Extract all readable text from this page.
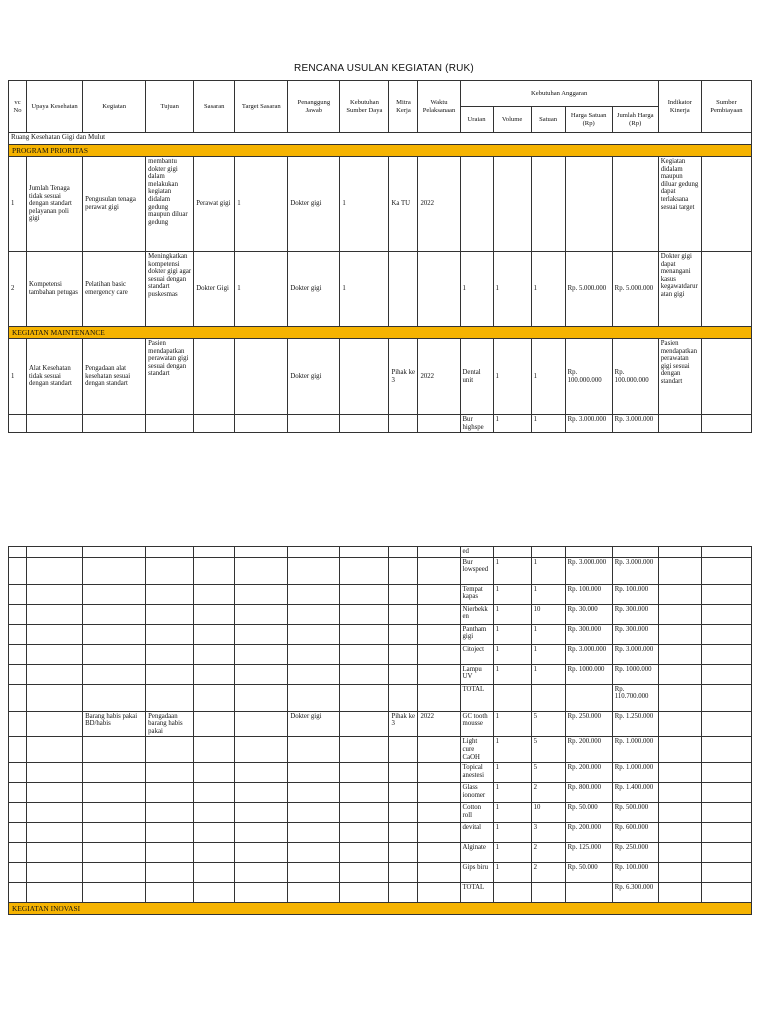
RENCANA USULAN KEGIATAN (RUK)
vc No	Upaya Kesehatan	Kegiatan	Tujuan	Sasaran	Target Sasaran	Penanggung Jawab	Kebutuhan Sumber Daya	Mitra Kerja	Waktu Pelaksanaan	Kebutuhan Anggaran					Indikator Kinerja	Sumber Pembiayaan
										Uraian	Volume	Satuan	Harga Satuan (Rp)	Jumlah Harga (Rp)		
Ruang Kesehatan Gigi dan Mulut																
PROGRAM PRIORITAS																
1	Jumlah Tenaga tidak sesuai dengan standart pelayanan poli gigi	Pengusulan tenaga perawat gigi	membantu dokter gigi dalam melakukan kegiatan didalam gedung maupun diluar gedung	Perawat gigi	1	Dokter gigi	1	Ka TU	2022						Kegiatan didalam maupun diluar gedung dapat terlaksana sesuai target	
2	Kompetensi tambahan petugas	Pelatihan basic emergency care	Meningkatkan kompetensi dokter gigi agar sesuai dengan standart puskesmas	Dokter Gigi	1	Dokter gigi	1			1	1	1	Rp. 5.000.000	Rp. 5.000.000	Dokter gigi dapat menangani kasus kegawatdaruratan gigi	
KEGIATAN MAINTENANCE																
1	Alat Kesehatan tidak sesuai dengan standart	Pengadaan alat kesehatan sesuai dengan standart	Pasien mendapatkan perawatan gigi sesuai dengan standart			Dokter gigi		Pihak ke 3	2022	Dental unit	1	1	Rp. 100.000.000	Rp. 100.000.000	Pasien mendapatkan perawatan gigi sesuai dengan standart	
										Bur highspe	1	1	Rp. 3.000.000	Rp. 3.000.000		
										ed						
										Bur lowspeed	1	1	Rp. 3.000.000	Rp. 3.000.000		
										Tempat kapas	1	1	Rp. 100.000	Rp. 100.000		
										Nierbekken	1	10	Rp. 30.000	Rp. 300.000		
										Pantham gigi	1	1	Rp. 300.000	Rp. 300.000		
										Citoject	1	1	Rp. 3.000.000	Rp. 3.000.000		
										Lampu UV	1	1	Rp. 1000.000	Rp. 1000.000		
										TOTAL				Rp. 110.700.000		
		Barang habis pakai BD/habis	Pengadaan barang habis pakai			Dokter gigi		Pihak ke 3	2022	GC tooth mousse	1	5	Rp. 250.000	Rp. 1.250.000		
										Light cure CaOH	1	5	Rp. 200.000	Rp. 1.000.000		
										Topical anestesi	1	5	Rp. 200.000	Rp. 1.000.000		
										Glass ionomer	1	2	Rp. 800.000	Rp. 1.400.000		
										Cotton roll	1	10	Rp. 50.000	Rp. 500.000		
										devital	1	3	Rp. 200.000	Rp. 600.000		
										Alginate	1	2	Rp. 125.000	Rp. 250.000		
										Gips biru	1	2	Rp. 50.000	Rp. 100.000		
										TOTAL				Rp. 6.300.000		
KEGIATAN INOVASI																
